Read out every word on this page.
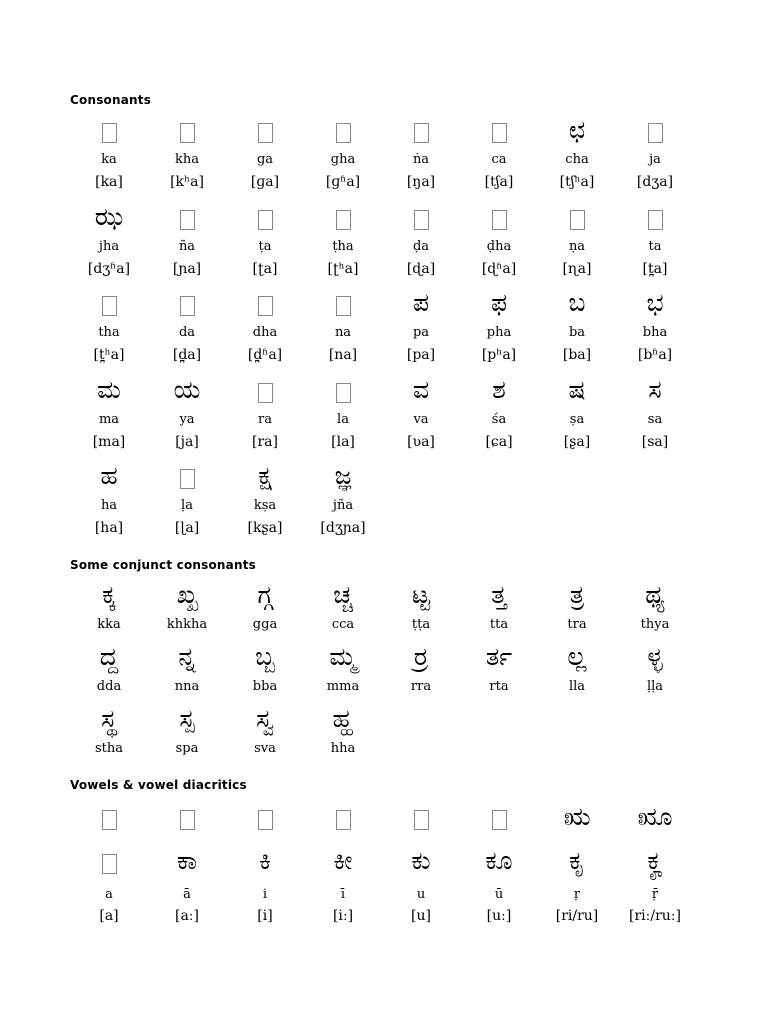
Consonants
ka
[ka]
kha
[kʰa]
ga
[ɡa]
gha
[ɡʱa]
ṅa
[ŋa]
ca
[tʃa]
ಛ
cha
[tʃʰa]
ja
[dʒa]
ಝ
jha
[dʒʱa]
ña
[ɲa]
ṭa
[ʈa]
ṭha
[ʈʰa]
ḍa
[ɖa]
ḍha
[ɖʱa]
ṇa
[ɳa]
ta
[t̪a]
tha
[t̪ʰa]
da
[d̪a]
dha
[d̪ʱa]
na
[na]
ಪ
pa
[pa]
ಫ
pha
[pʰa]
ಬ
ba
[ba]
ಭ
bha
[bʱa]
ಮ
ma
[ma]
ಯ
ya
[ja]
ra
[ra]
la
[la]
ವ
va
[ʋa]
ಶ
śa
[ɕa]
ಷ
ṣa
[ʂa]
ಸ
sa
[sa]
ಹ
ha
[ha]
ḷa
[ɭa]
ಕ್ಷ
kṣa
[kʂa]
ಜ್ಞ
jña
[dʒɲa]
Some conjunct consonants
ಕ್ಕ
kka
ಖ್ಖ
khkha
ಗ್ಗ
gga
ಚ್ಚ
cca
ಟ್ಟ
ṭṭa
ತ್ತ
tta
ತ್ರ
tra
ಥ್ಯ
thya
ದ್ದ
dda
ನ್ನ
nna
ಬ್ಬ
bba
ಮ್ಮ
mma
ರ್ರ
rra
ರ್ತ
rta
ಲ್ಲ
lla
ಳ್ಳ
ḷḷa
ಸ್ಥ
stha
ಸ್ಪ
spa
ಸ್ವ
sva
ಹ್ಹ
hha
Vowels & vowel diacritics
a
[a]
ಕಾ
ā
[aː]
ಕಿ
i
[i]
ಕೀ
ī
[iː]
ಕು
u
[u]
ಕೂ
ū
[uː]
ಋ
ಕೃ
ṛ
[ri/ru]
ೠ
ಕೄ
ṝ
[riː/ruː]
